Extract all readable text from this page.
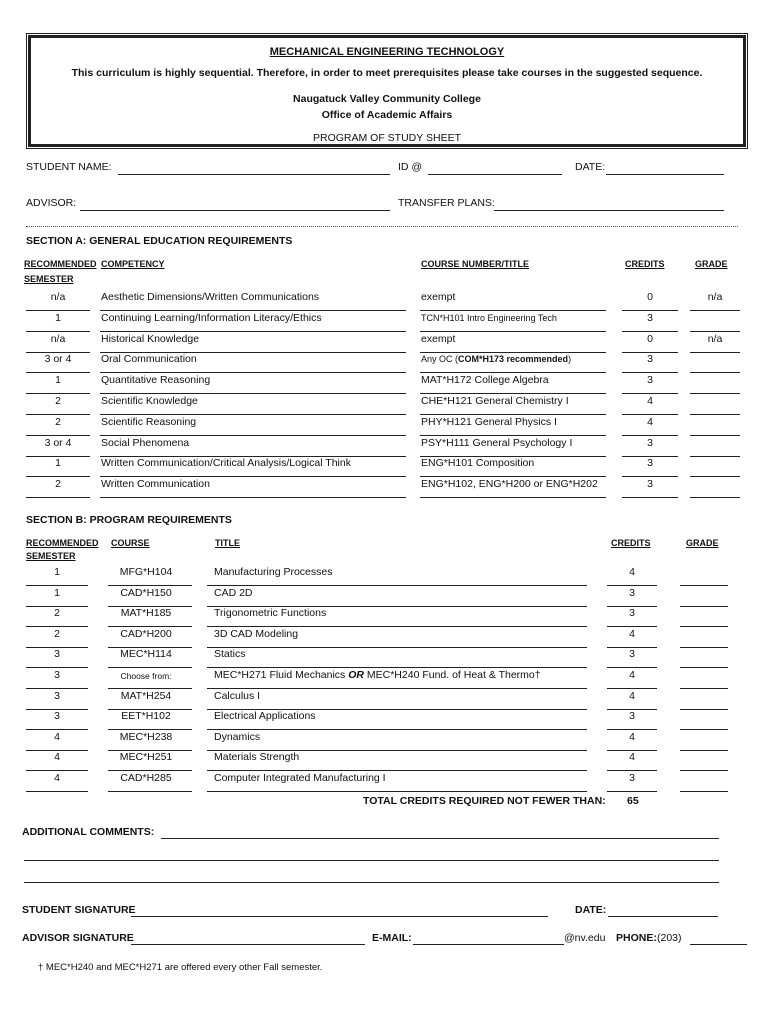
MECHANICAL ENGINEERING TECHNOLOGY
This curriculum is highly sequential. Therefore, in order to meet prerequisites please take courses in the suggested sequence.
Naugatuck Valley Community College
Office of Academic Affairs
PROGRAM OF STUDY SHEET
STUDENT NAME:	ID @	DATE:
ADVISOR:	TRANSFER PLANS:
SECTION A: GENERAL EDUCATION REQUIREMENTS
RECOMMENDED
SEMESTER
COMPETENCY	COURSE NUMBER/TITLE	CREDITS	GRADE
n/a	Aesthetic Dimensions/Written Communications	exempt	0	n/a
1	Continuing Learning/Information Literacy/Ethics	TCN*H101 Intro Engineering Tech	3
n/a	Historical Knowledge	exempt	0	n/a
3 or 4	Oral Communication	Any OC (COM*H173 recommended)	3
1	Quantitative Reasoning	MAT*H172 College Algebra	3
2	Scientific Knowledge	CHE*H121 General Chemistry I	4
2	Scientific Reasoning	PHY*H121 General Physics I	4
3 or 4	Social Phenomena	PSY*H111 General Psychology I	3
1	Written Communication/Critical Analysis/Logical Think	ENG*H101 Composition	3
2	Written Communication	ENG*H102, ENG*H200 or ENG*H202	3
SECTION B: PROGRAM REQUIREMENTS
RECOMMENDED
SEMESTER
COURSE	TITLE	CREDITS	GRADE
1	MFG*H104	Manufacturing Processes	4
1	CAD*H150	CAD 2D	3
2	MAT*H185	Trigonometric Functions	3
2	CAD*H200	3D CAD Modeling	4
3	MEC*H114	Statics	3
3	Choose from:	MEC*H271 Fluid Mechanics OR MEC*H240 Fund. of Heat & Thermo†	4
3	MAT*H254	Calculus I	4
3	EET*H102	Electrical Applications	3
4	MEC*H238	Dynamics	4
4	MEC*H251	Materials Strength	4
4	CAD*H285	Computer Integrated Manufacturing I	3
TOTAL CREDITS REQUIRED NOT FEWER THAN: 65
ADDITIONAL COMMENTS:
STUDENT SIGNATURE	DATE:
ADVISOR SIGNATURE	E-MAIL:	@nv.edu PHONE: (203)
† MEC*H240 and MEC*H271 are offered every other Fall semester.
